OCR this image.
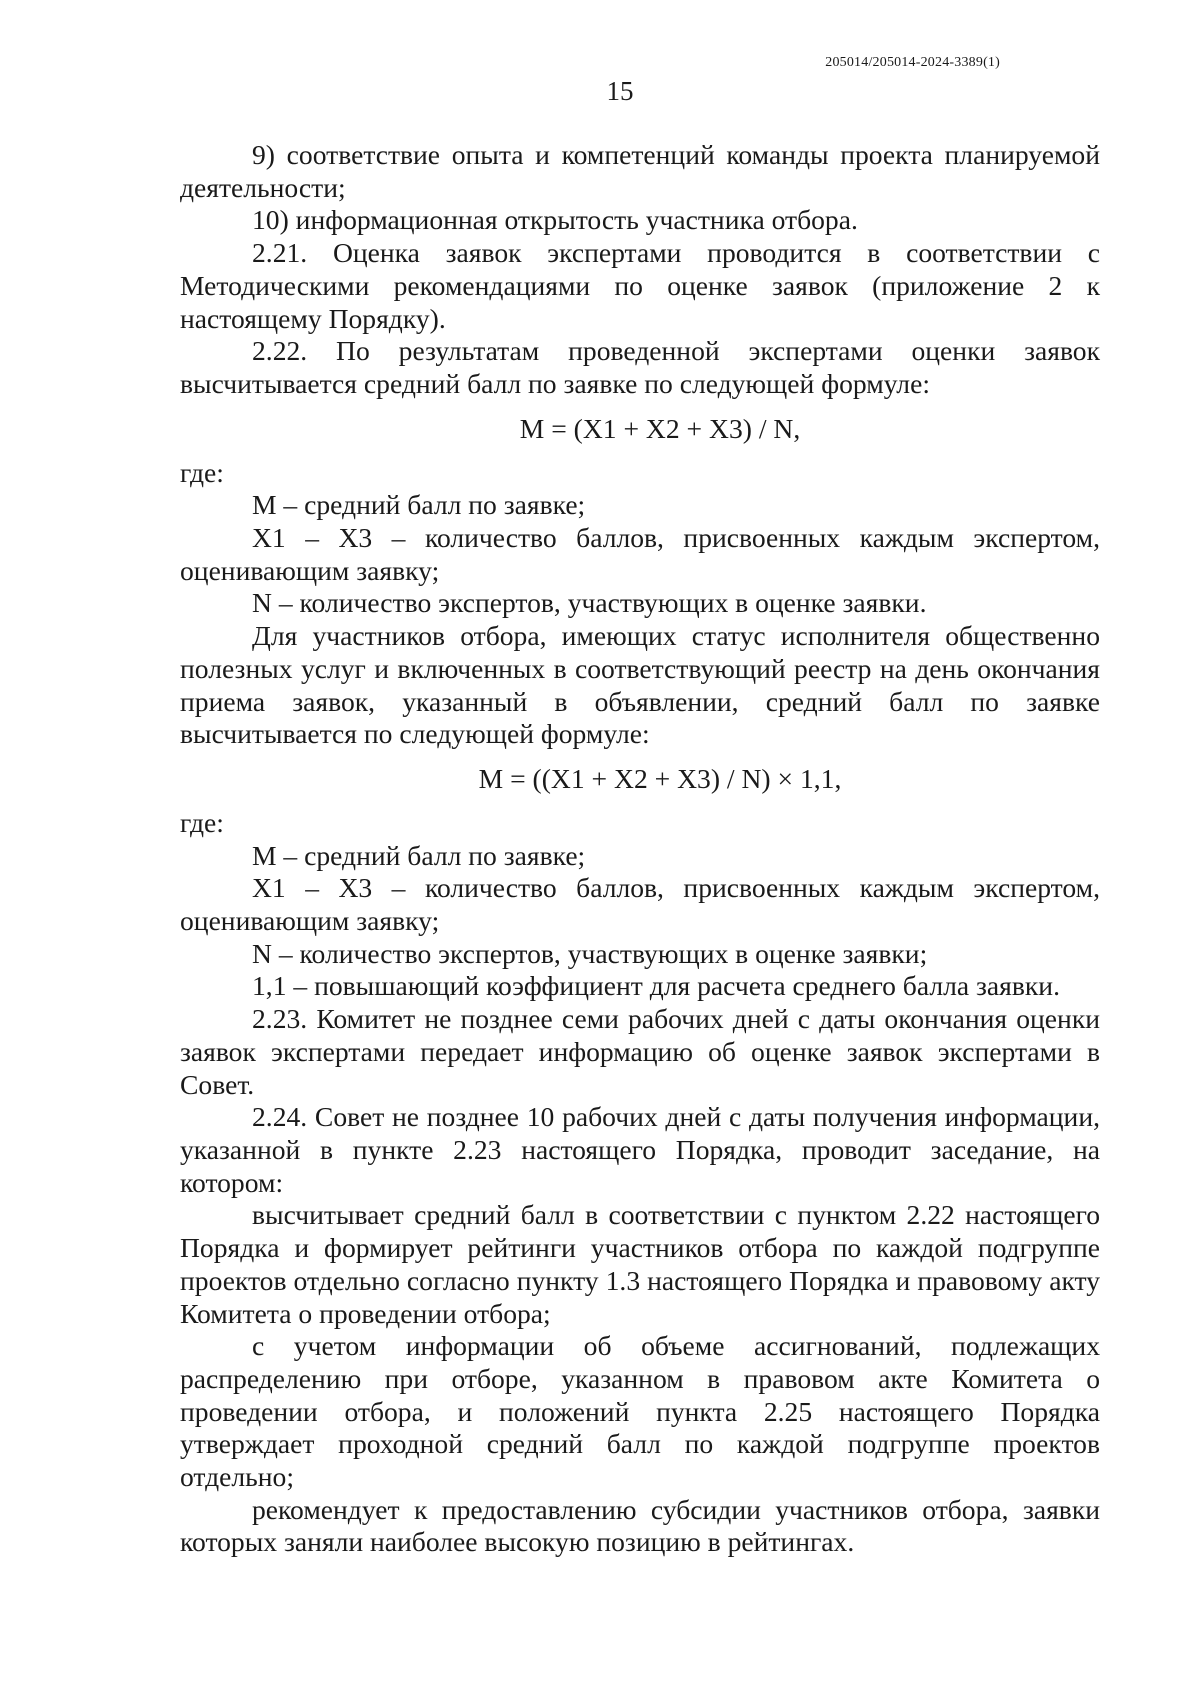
205014/205014-2024-3389(1)
15

9) соответствие опыта и компетенций команды проекта планируемой деятельности;

10) информационная открытость участника отбора.

2.21. Оценка заявок экспертами проводится в соответствии с Методическими рекомендациями по оценке заявок (приложение 2 к настоящему Порядку).

2.22. По результатам проведенной экспертами оценки заявок высчитывается средний балл по заявке по следующей формуле:

M = (X1 + X2 + X3) / N,

где:

M – средний балл по заявке;

X1 – X3 – количество баллов, присвоенных каждым экспертом, оценивающим заявку;

N – количество экспертов, участвующих в оценке заявки.

Для участников отбора, имеющих статус исполнителя общественно полезных услуг и включенных в соответствующий реестр на день окончания приема заявок, указанный в объявлении, средний балл по заявке высчитывается по следующей формуле:

M = ((X1 + X2 + X3) / N) × 1,1,

где:

M – средний балл по заявке;

X1 – X3 – количество баллов, присвоенных каждым экспертом, оценивающим заявку;

N – количество экспертов, участвующих в оценке заявки;

1,1 – повышающий коэффициент для расчета среднего балла заявки.

2.23. Комитет не позднее семи рабочих дней с даты окончания оценки заявок экспертами передает информацию об оценке заявок экспертами в Совет.

2.24. Совет не позднее 10 рабочих дней с даты получения информации, указанной в пункте 2.23 настоящего Порядка, проводит заседание, на котором:

высчитывает средний балл в соответствии с пунктом 2.22 настоящего Порядка и формирует рейтинги участников отбора по каждой подгруппе проектов отдельно согласно пункту 1.3 настоящего Порядка и правовому акту Комитета о проведении отбора;

с учетом информации об объеме ассигнований, подлежащих распределению при отборе, указанном в правовом акте Комитета о проведении отбора, и положений пункта 2.25 настоящего Порядка утверждает проходной средний балл по каждой подгруппе проектов отдельно;

рекомендует к предоставлению субсидии участников отбора, заявки которых заняли наиболее высокую позицию в рейтингах.
